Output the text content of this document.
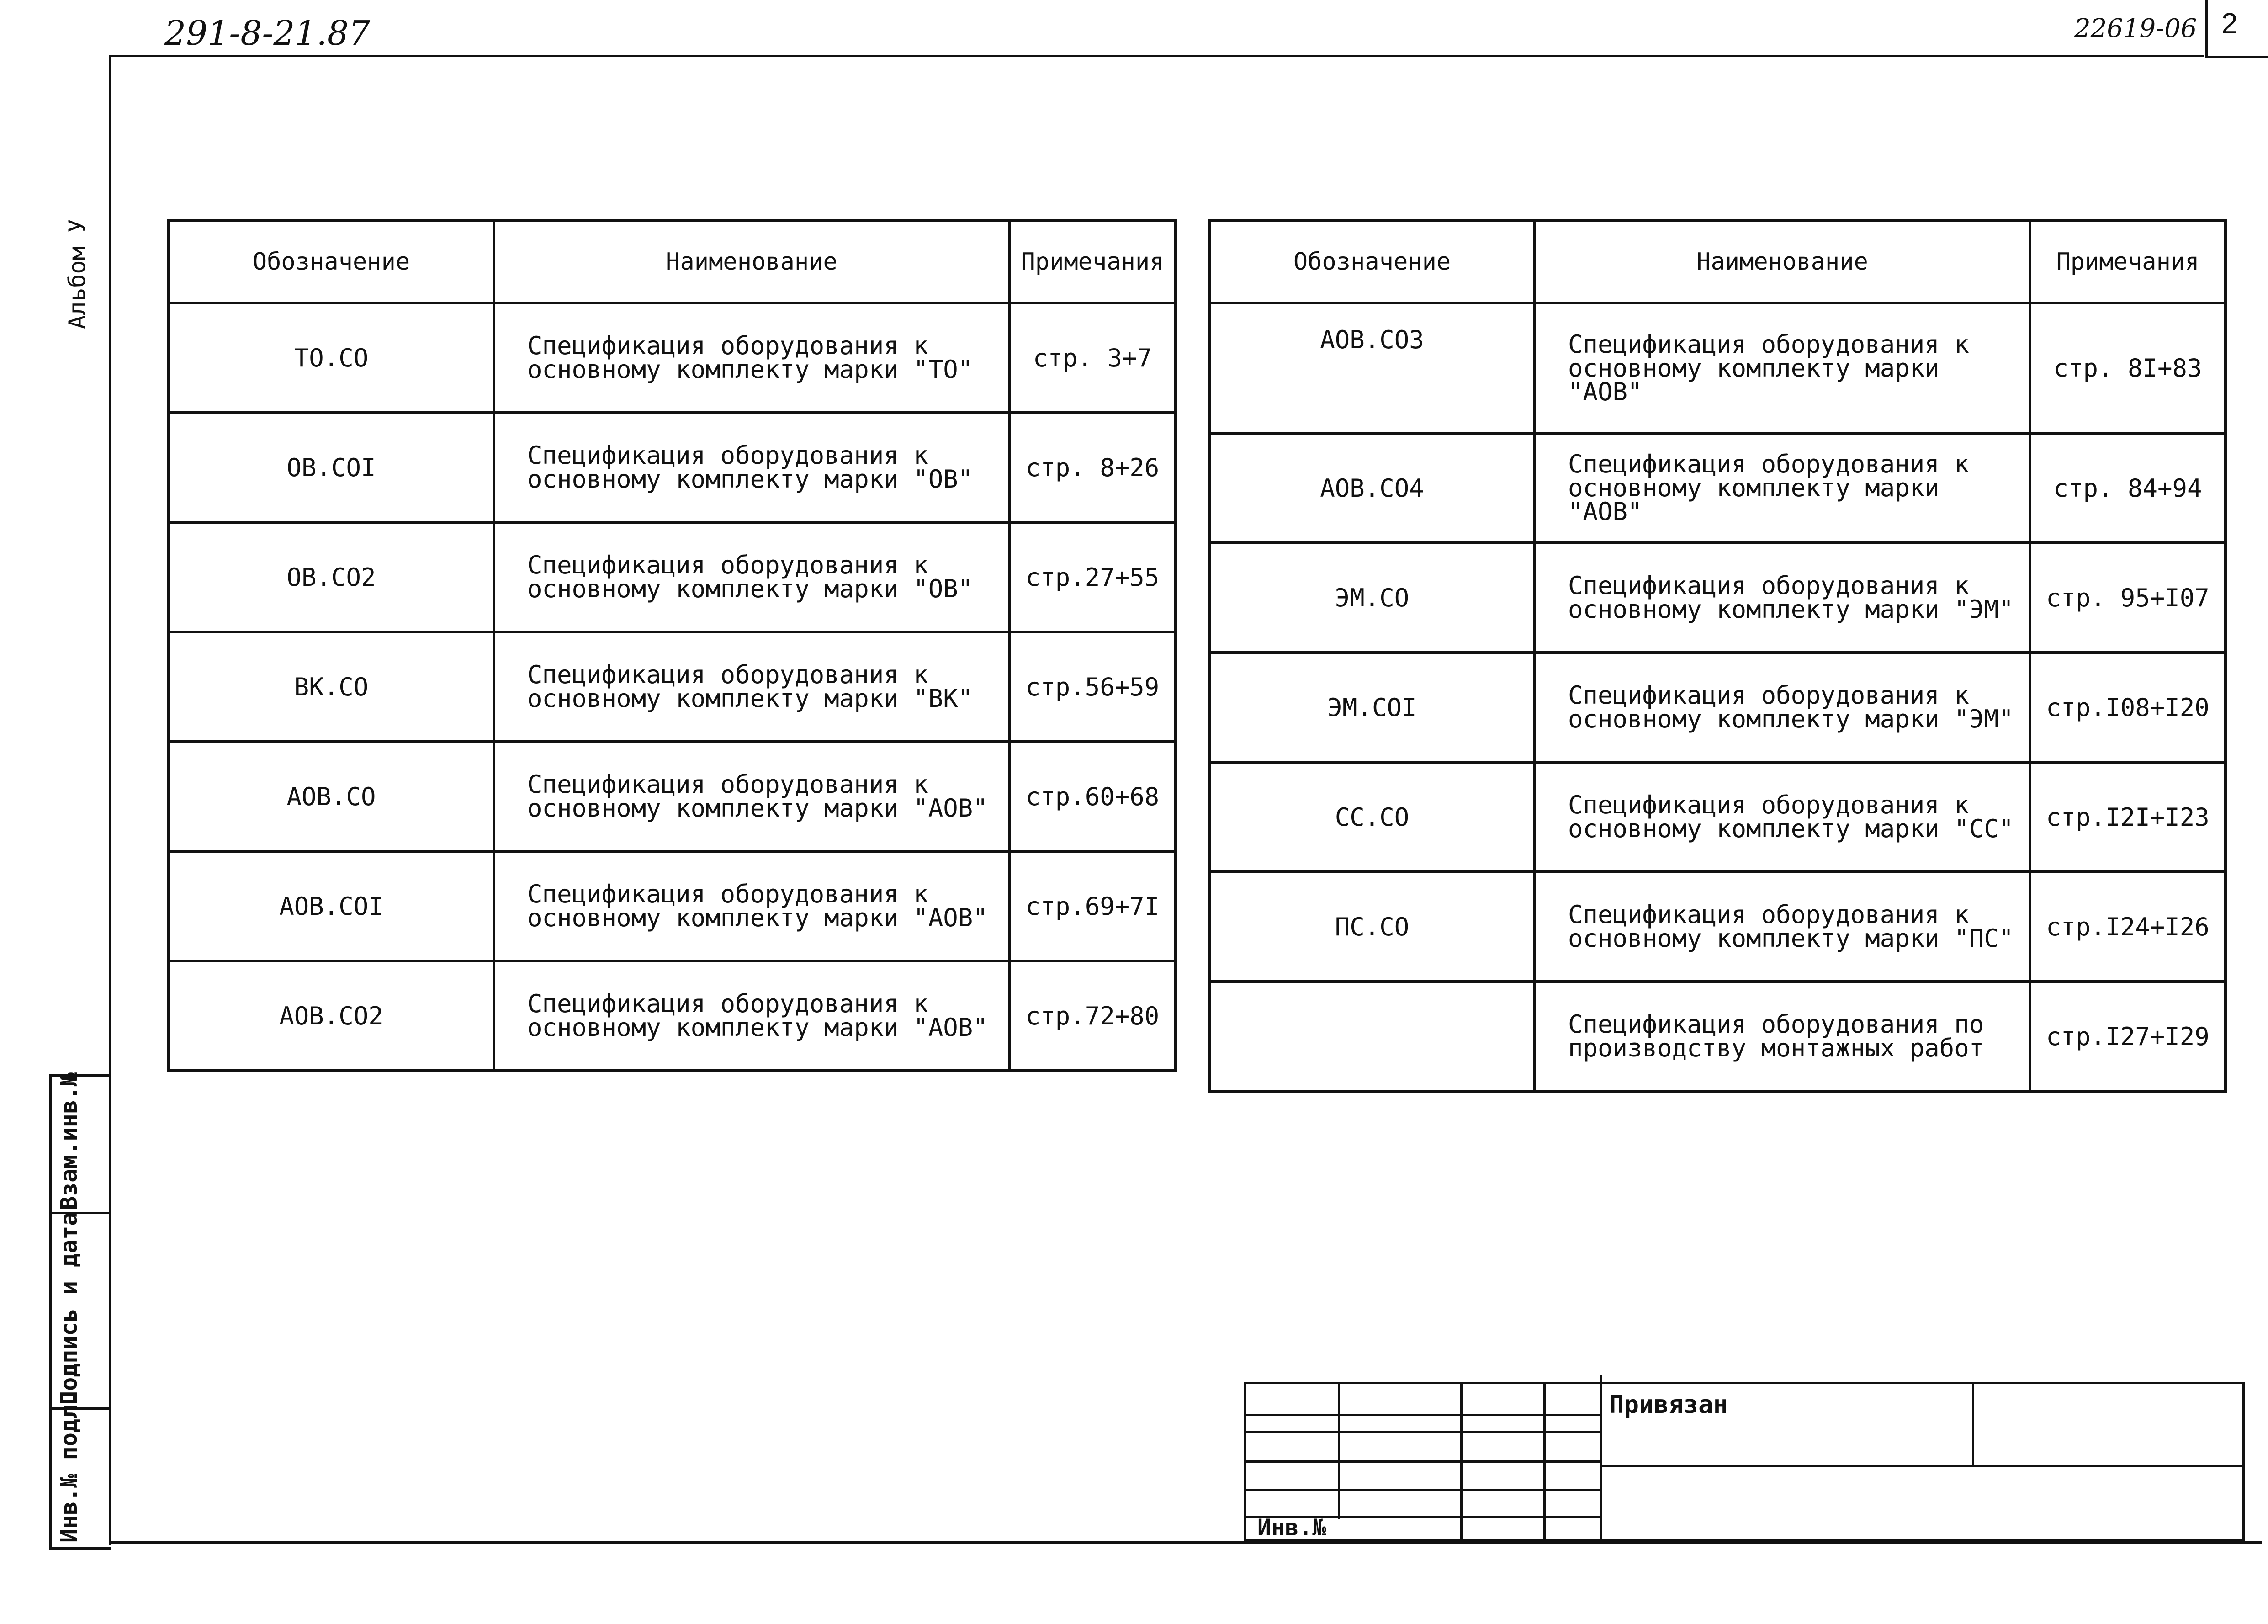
291-8-21.87	22619-06 2
Альбом У	Обозначение	Наименование	Примечания
ТО.СО	Спецификация оборудования к
основному комплекту марки "ТО"	стр. 3+7
ОВ.СОI	Спецификация оборудования к
основному комплекту марки "ОВ"	стр. 8+26
ОВ.СО2	Спецификация оборудования к
основному комплекту марки "ОВ"	стр.27+55
ВК.СО	Спецификация оборудования к
основному комплекту марки "ВК"	стр.56+59
АОВ.СО	Спецификация оборудования к
основному комплекту марки "АОВ"	стр.60+68
АОВ.СОI	Спецификация оборудования к
основному комплекту марки "АОВ"	стр.69+7I
АОВ.СО2	Спецификация оборудования к
основному комплекту марки "АОВ"	стр.72+80
Обозначение	Наименование	Примечания
АОВ.СО3	Спецификация оборудования к
основному комплекту марки "АОВ"	стр. 8I+83
АОВ.СО4	Спецификация оборудования к
основному комплекту марки "АОВ"	стр. 84+94
ЭМ.СО	Спецификация оборудования к
основному комплекту марки "ЭМ"	стр. 95+I07
ЭМ.СОI	Спецификация оборудования к
основному комплекту марки "ЭМ"	стр.I08+I20
СС.СО	Спецификация оборудования к
основному комплекту марки "СС"	стр.I2I+I23
ПС.СО	Спецификация оборудования к
основному комплекту марки "ПС"	стр.I24+I26
	Спецификация оборудования по
производству монтажных работ	стр.I27+I29
Взам.инв.№
Подпись и дата
Инв.№ подл.	Привязан
Инв.№
